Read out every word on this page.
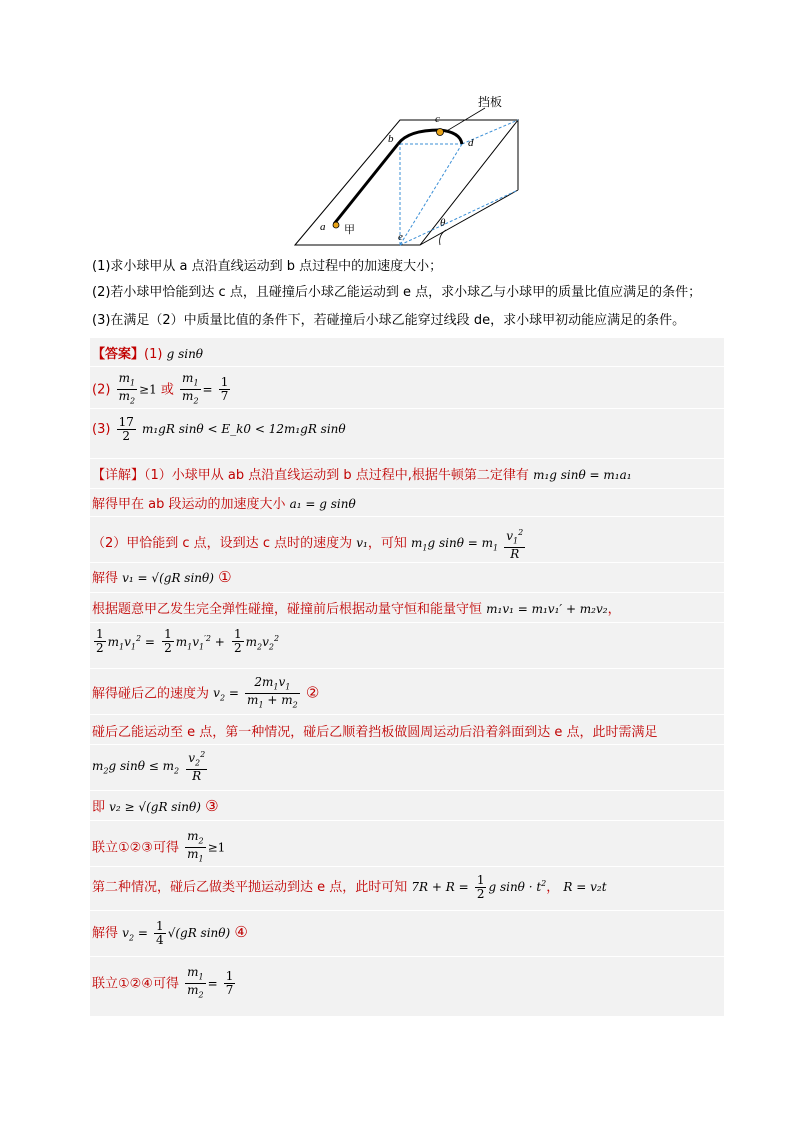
挡板
c
b	d
a 甲
e
θ
(1)求小球甲从 a 点沿直线运动到 b 点过程中的加速度大小；
(2)若小球甲恰能到达 c 点，且碰撞后小球乙能运动到 e 点，求小球乙与小球甲的质量比值应满足的条件；
(3)在满足（2）中质量比值的条件下，若碰撞后小球乙能穿过线段 de，求小球甲初动能应满足的条件。
【答案】(1) g sinθ
$(2) \frac{m_1}{m_2} \ge 1$ 或 $\frac{m_1}{m_2} = \frac{1}{7}$
$(3) \frac{17}{2} m_1gR$ sinθ < E_k0 < 12m₁gR sinθ
【详解】（1）小球甲从 ab 点沿直线运动到 b 点过程中,根据牛顿第二定律有 m₁g sinθ = m₁a₁
解得甲在 ab 段运动的加速度大小 a₁ = g sinθ
（2）甲恰能到 c 点，设到达 c 点时的速度为 v₁，可知 $m_1g$ $\sin\theta = m_1 \frac{v_1^2}{R}$
解得 v₁ = √(gR sinθ) ①
根据题意甲乙发生完全弹性碰撞，碰撞前后根据动量守恒和能量守恒 m₁v₁ = m₁v₁′ + m₂v₂，
$\frac{1}{2} m_1v_1^2 = \frac{1}{2} m_1v_1^{'2} + \frac{1}{2} m_2v_2^2$
解得碰后乙的速度为 $v_2 = \frac{2m_1v_1}{m_1 + m_2}$ ②
碰后乙能运动至 e 点，第一种情况，碰后乙顺着挡板做圆周运动后沿着斜面到达 e 点，此时需满足
$m_2g$ $\sin\theta \le m_2 \frac{v_2^2}{R}$
即 v₂ ≥ √(gR sinθ) ③
联立①②③可得 $\frac{m_2}{m_1} \ge 1$
第二种情况，碰后乙做类平抛运动到达 e 点，此时可知 $7R + R = \frac{1}{2}$ g $\sin\theta \cdot t^2$， R = v₂t
解得 $v_2 = \frac{1}{4} √(gR$ sinθ) ④
联立①②④可得 $\frac{m_1}{m_2} = \frac{1}{7}$
